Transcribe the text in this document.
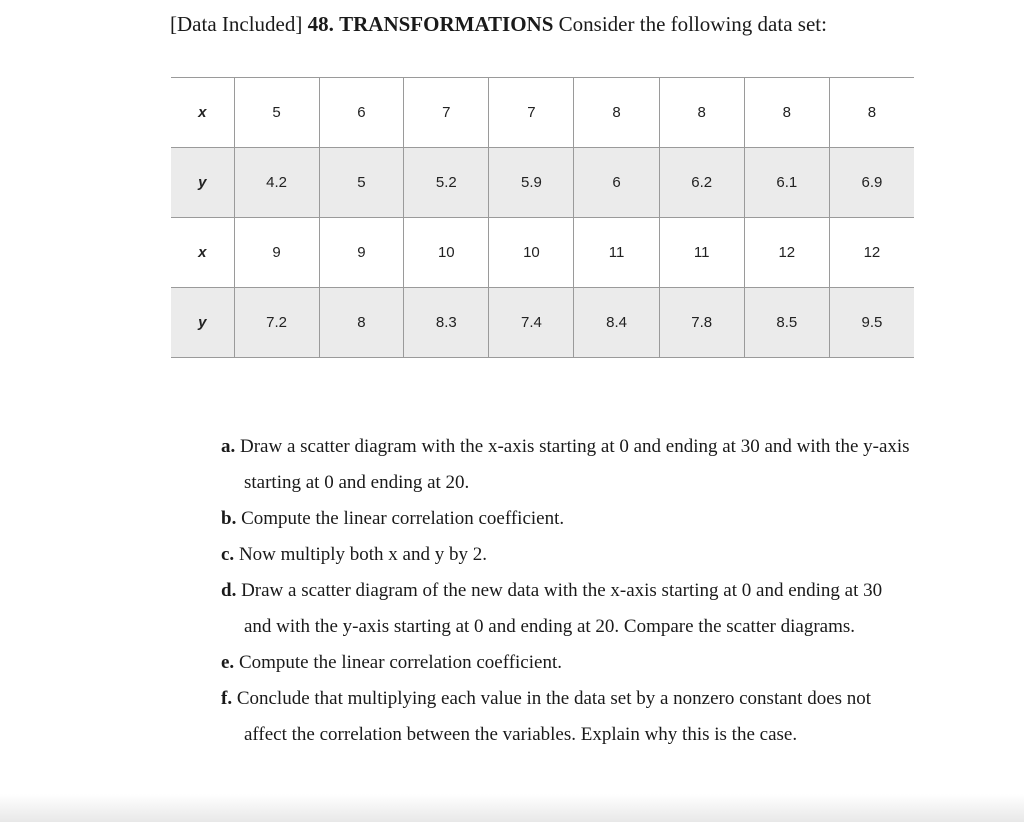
[Data Included] 48. TRANSFORMATIONS Consider the following data set:
x	5	6	7	7	8	8	8	8
y	4.2	5	5.2	5.9	6	6.2	6.1	6.9
x	9	9	10	10	11	11	12	12
y	7.2	8	8.3	7.4	8.4	7.8	8.5	9.5
a. Draw a scatter diagram with the x-axis starting at 0 and ending at 30 and with the y-axis starting at 0 and ending at 20.
b. Compute the linear correlation coefficient.
c. Now multiply both x and y by 2.
d. Draw a scatter diagram of the new data with the x-axis starting at 0 and ending at 30 and with the y-axis starting at 0 and ending at 20. Compare the scatter diagrams.
e. Compute the linear correlation coefficient.
f. Conclude that multiplying each value in the data set by a nonzero constant does not affect the correlation between the variables. Explain why this is the case.
